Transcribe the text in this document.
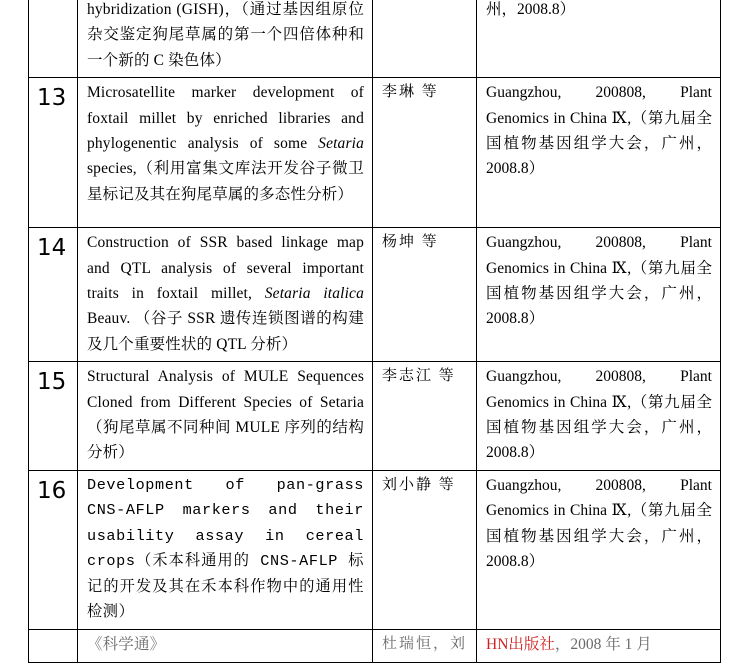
	hybridization (GISH)，（通过基因组原位杂交鉴定狗尾草属的第一个四倍体种和一个新的 C 染色体）		州，2008.8）
13	Microsatellite marker development of foxtail millet by enriched libraries and phylogenentic analysis of some Setaria species,（利用富集文库法开发谷子微卫星标记及其在狗尾草属的多态性分析）	李琳 等	Guangzhou, 200808, Plant Genomics in China Ⅸ,（第九届全国植物基因组学大会，广州，2008.8）
14	Construction of SSR based linkage map and QTL analysis of several important traits in foxtail millet, Setaria italica Beauv. （谷子 SSR 遗传连锁图谱的构建及几个重要性状的 QTL 分析）	杨坤 等	Guangzhou, 200808, Plant Genomics in China Ⅸ,（第九届全国植物基因组学大会，广州，2008.8）
15	Structural Analysis of MULE Sequences Cloned from Different Species of Setaria（狗尾草属不同种间 MULE 序列的结构分析）	李志江 等	Guangzhou, 200808, Plant Genomics in China Ⅸ,（第九届全国植物基因组学大会，广州，2008.8）
16	Development of pan-grass CNS-AFLP markers and their usability assay in cereal crops（禾本科通用的 CNS-AFLP 标记的开发及其在禾本科作物中的通用性检测）	刘小静 等	Guangzhou, 200808, Plant Genomics in China Ⅸ,（第九届全国植物基因组学大会，广州，2008.8）
	《科学通》	杜瑞恒，刘	HN出版社，2008 年 1 月
